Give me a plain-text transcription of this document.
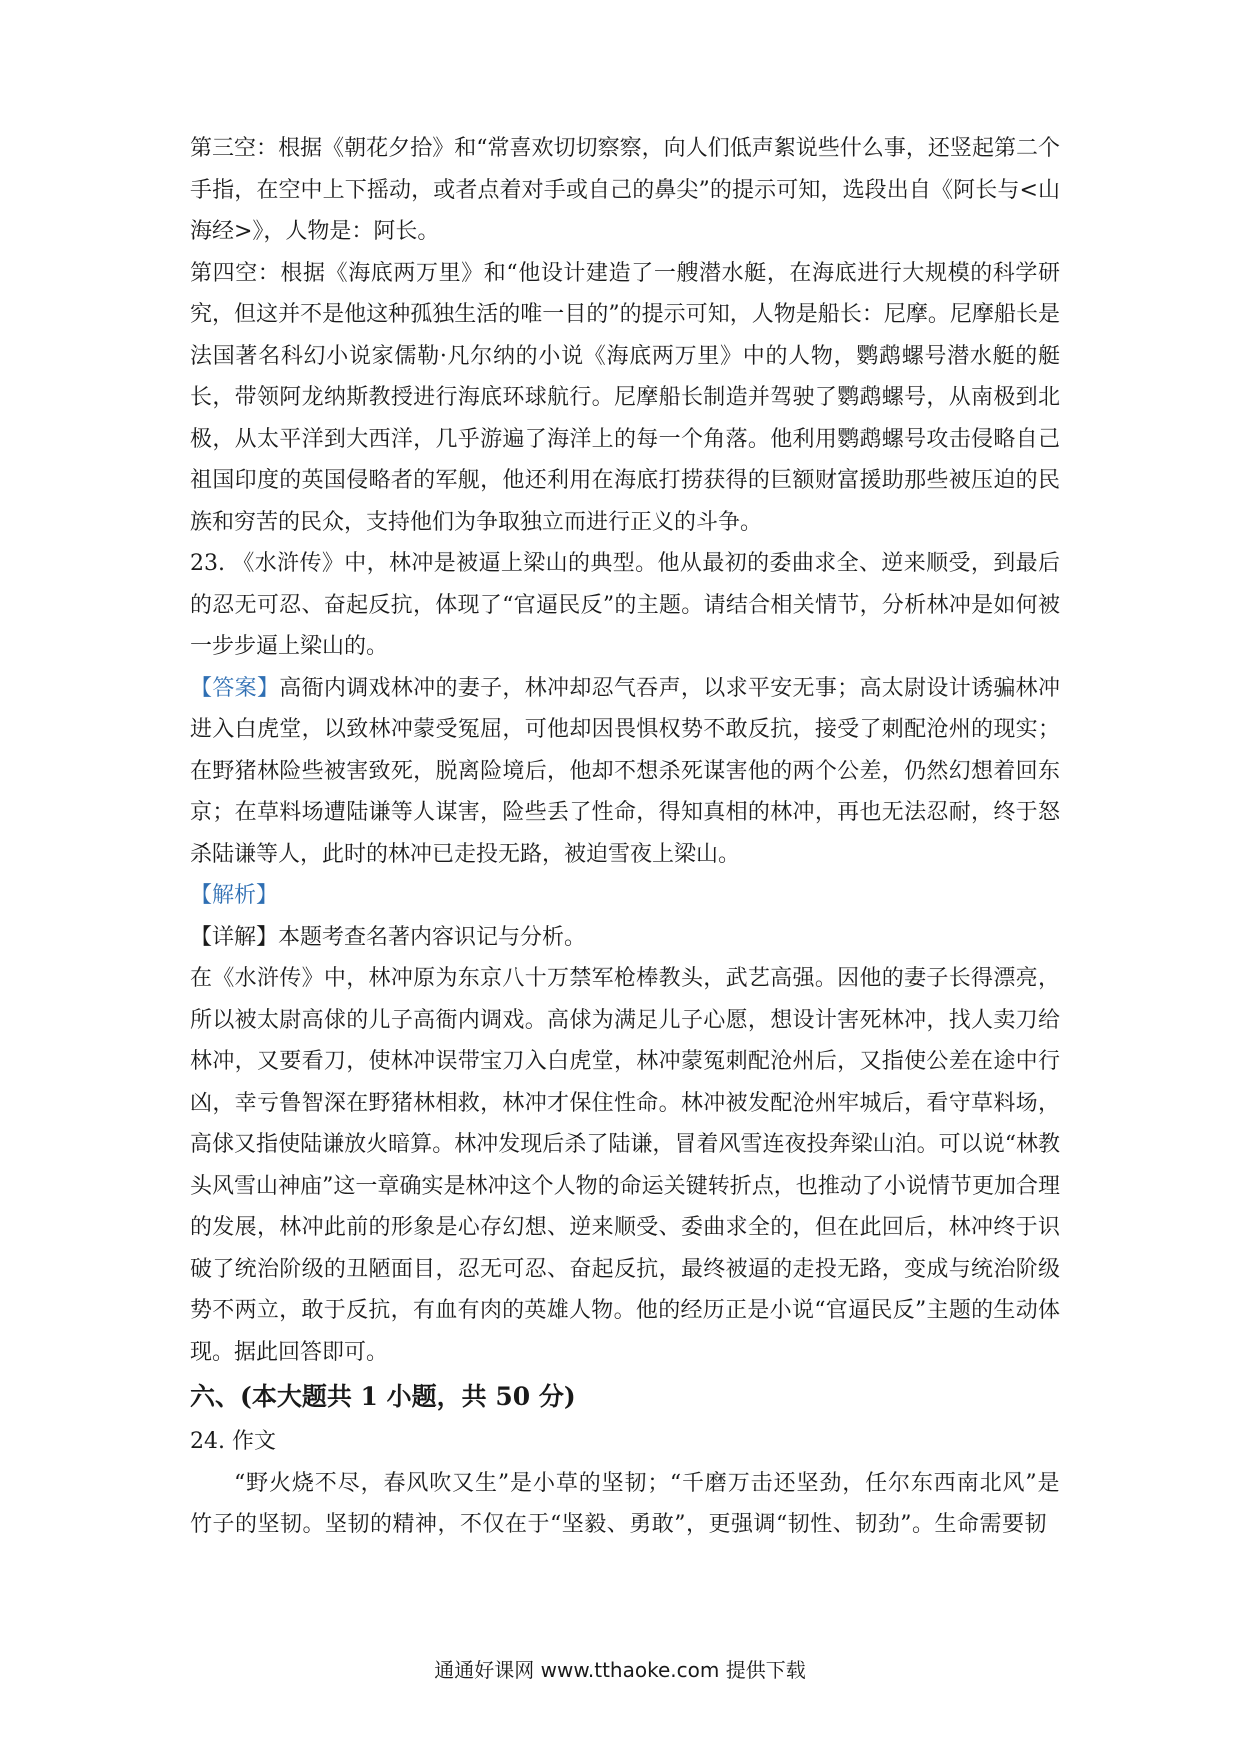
第三空：根据《朝花夕拾》和“常喜欢切切察察，向人们低声絮说些什么事，还竖起第二个手指，在空中上下摇动，或者点着对手或自己的鼻尖”的提示可知，选段出自《阿长与<山海经>》，人物是：阿长。

第四空：根据《海底两万里》和“他设计建造了一艘潜水艇，在海底进行大规模的科学研究，但这并不是他这种孤独生活的唯一目的”的提示可知，人物是船长：尼摩。尼摩船长是法国著名科幻小说家儒勒·凡尔纳的小说《海底两万里》中的人物，鹦鹉螺号潜水艇的艇长，带领阿龙纳斯教授进行海底环球航行。尼摩船长制造并驾驶了鹦鹉螺号，从南极到北极，从太平洋到大西洋，几乎游遍了海洋上的每一个角落。他利用鹦鹉螺号攻击侵略自己祖国印度的英国侵略者的军舰，他还利用在海底打捞获得的巨额财富援助那些被压迫的民族和穷苦的民众，支持他们为争取独立而进行正义的斗争。

23. 《水浒传》中，林冲是被逼上梁山的典型。他从最初的委曲求全、逆来顺受，到最后的忍无可忍、奋起反抗，体现了“官逼民反”的主题。请结合相关情节，分析林冲是如何被一步步逼上梁山的。

【答案】高衙内调戏林冲的妻子，林冲却忍气吞声，以求平安无事；高太尉设计诱骗林冲进入白虎堂，以致林冲蒙受冤屈，可他却因畏惧权势不敢反抗，接受了刺配沧州的现实；在野猪林险些被害致死，脱离险境后，他却不想杀死谋害他的两个公差，仍然幻想着回东京；在草料场遭陆谦等人谋害，险些丢了性命，得知真相的林冲，再也无法忍耐，终于怒杀陆谦等人，此时的林冲已走投无路，被迫雪夜上梁山。

【解析】

【详解】本题考查名著内容识记与分析。

在《水浒传》中，林冲原为东京八十万禁军枪棒教头，武艺高强。因他的妻子长得漂亮，所以被太尉高俅的儿子高衙内调戏。高俅为满足儿子心愿，想设计害死林冲，找人卖刀给林冲，又要看刀，使林冲误带宝刀入白虎堂，林冲蒙冤刺配沧州后，又指使公差在途中行凶，幸亏鲁智深在野猪林相救，林冲才保住性命。林冲被发配沧州牢城后，看守草料场，高俅又指使陆谦放火暗算。林冲发现后杀了陆谦，冒着风雪连夜投奔梁山泊。可以说“林教头风雪山神庙”这一章确实是林冲这个人物的命运关键转折点，也推动了小说情节更加合理的发展，林冲此前的形象是心存幻想、逆来顺受、委曲求全的，但在此回后，林冲终于识破了统治阶级的丑陋面目，忍无可忍、奋起反抗，最终被逼的走投无路，变成与统治阶级势不两立，敢于反抗，有血有肉的英雄人物。他的经历正是小说“官逼民反”主题的生动体现。据此回答即可。

六、(本大题共 1 小题，共 50 分)

24. 作文

“野火烧不尽，春风吹又生”是小草的坚韧；“千磨万击还坚劲，任尔东西南北风”是竹子的坚韧。坚韧的精神，不仅在于“坚毅、勇敢”，更强调“韧性、韧劲”。生命需要韧

通通好课网 www.tthaoke.com 提供下载
